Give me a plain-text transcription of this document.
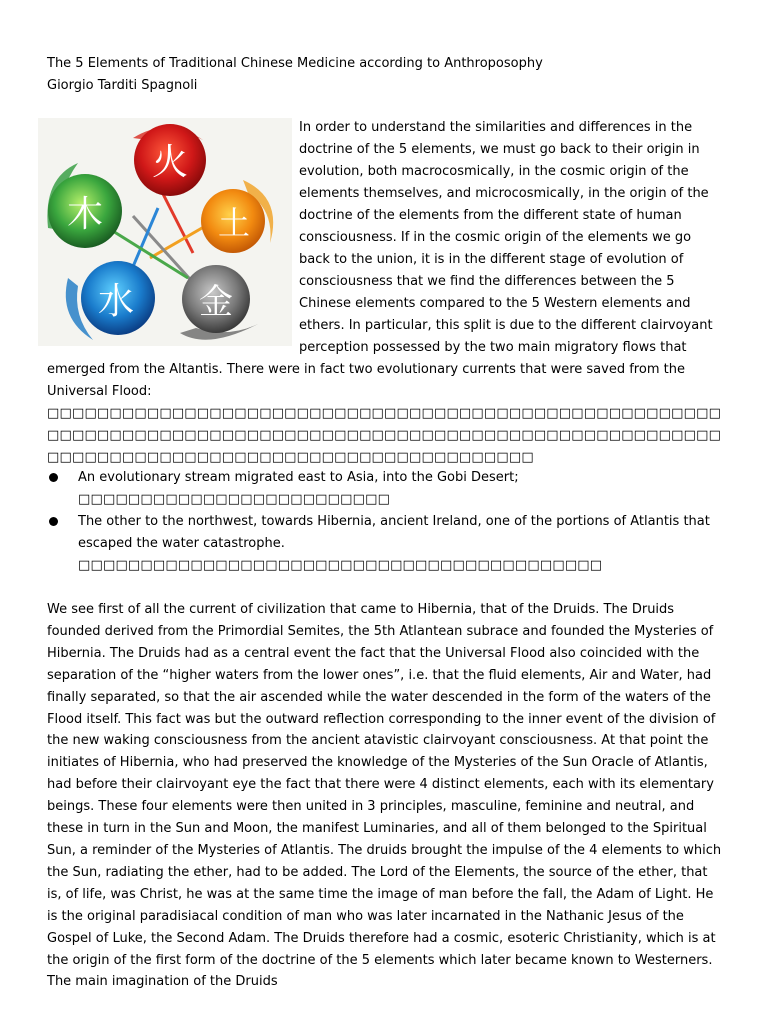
The 5 Elements of Traditional Chinese Medicine according to Anthroposophy
Giorgio Tarditi Spagnoli
火
土
金
水
木
In order to understand the similarities and differences in the doctrine of the 5 elements, we must go back to their origin in evolution, both macrocosmically, in the cosmic origin of the elements themselves, and microcosmically, in the origin of the doctrine of the elements from the different state of human consciousness. If in the cosmic origin of the elements we go back to the union, it is in the different stage of evolution of consciousness that we find the differences between the 5 Chinese elements compared to the 5 Western elements and ethers. In particular, this split is due to the different clairvoyant perception possessed by the two main migratory flows that emerged from the Altantis. There were in fact two evolutionary currents that were saved from the Universal Flood:
□□□□□□□□□□□□□□□□□□□□□□□□□□□□□□□□□□□□□□□□□□□□□□□□□□□□□□□□□□□□□□□□□□□□□□□□□□□□□□□□□□□□□□□□□□□□□□□□□□□□□□□□□□□□□□□□□□□□□□□□□□□□□□□□□□□□□□□□□□□□□□□□□□□
An evolutionary stream migrated east to Asia, into the Gobi Desert;
□□□□□□□□□□□□□□□□□□□□□□□□□
The other to the northwest, towards Hibernia, ancient Ireland, one of the portions of Atlantis that escaped the water catastrophe.
□□□□□□□□□□□□□□□□□□□□□□□□□□□□□□□□□□□□□□□□□□
We see first of all the current of civilization that came to Hibernia, that of the Druids. The Druids founded derived from the Primordial Semites, the 5th Atlantean subrace and founded the Mysteries of Hibernia. The Druids had as a central event the fact that the Universal Flood also coincided with the separation of the “higher waters from the lower ones”, i.e. that the fluid elements, Air and Water, had finally separated, so that the air ascended while the water descended in the form of the waters of the Flood itself. This fact was but the outward reflection corresponding to the inner event of the division of the new waking consciousness from the ancient atavistic clairvoyant consciousness. At that point the initiates of Hibernia, who had preserved the knowledge of the Mysteries of the Sun Oracle of Atlantis, had before their clairvoyant eye the fact that there were 4 distinct elements, each with its elementary beings. These four elements were then united in 3 principles, masculine, feminine and neutral, and these in turn in the Sun and Moon, the manifest Luminaries, and all of them belonged to the Spiritual Sun, a reminder of the Mysteries of Atlantis. The druids brought the impulse of the 4 elements to which the Sun, radiating the ether, had to be added. The Lord of the Elements, the source of the ether, that is, of life, was Christ, he was at the same time the image of man before the fall, the Adam of Light. He is the original paradisiacal condition of man who was later incarnated in the Nathanic Jesus of the Gospel of Luke, the Second Adam. The Druids therefore had a cosmic, esoteric Christianity, which is at the origin of the first form of the doctrine of the 5 elements which later became known to Westerners. The main imagination of the Druids
